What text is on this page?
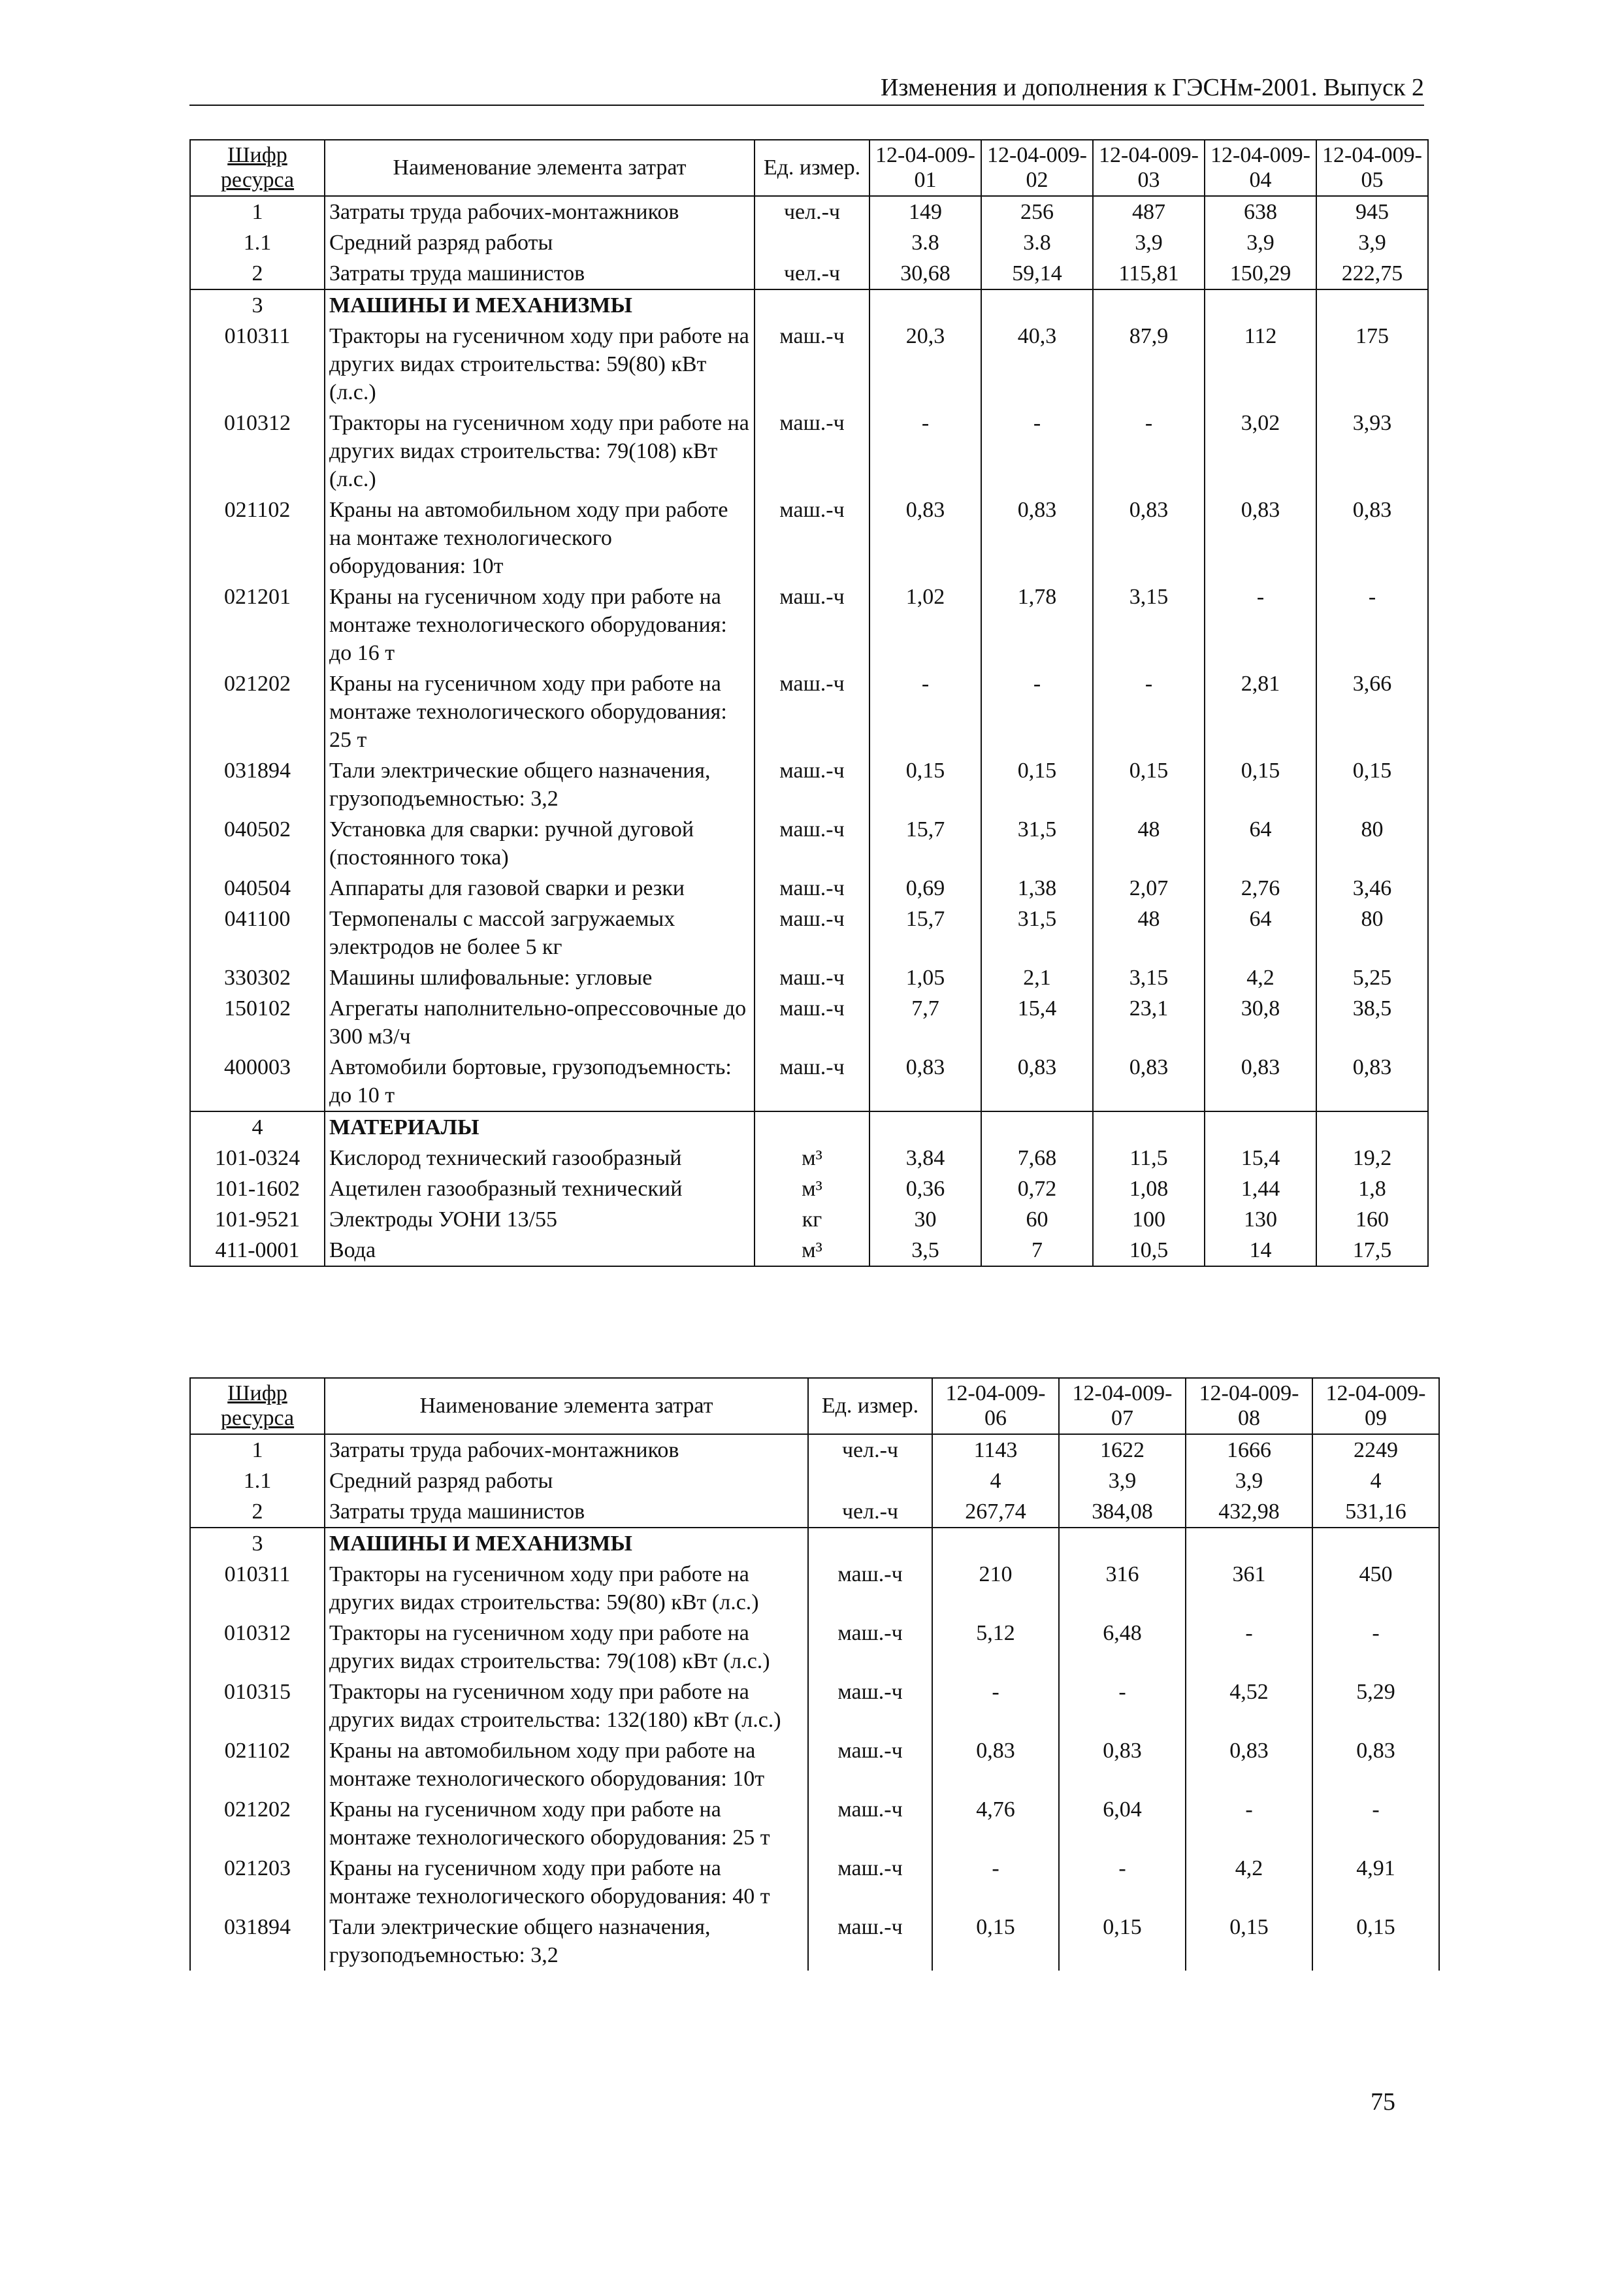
Изменения и дополнения к ГЭСНм-2001. Выпуск 2
Шифр ресурса	Наименование элемента затрат	Ед. измер.	12-04-009-01	12-04-009-02	12-04-009-03	12-04-009-04	12-04-009-05
1	Затраты труда рабочих-монтажников	чел.-ч	149	256	487	638	945
1.1	Средний разряд работы		3.8	3.8	3,9	3,9	3,9
2	Затраты труда машинистов	чел.-ч	30,68	59,14	115,81	150,29	222,75
3	МАШИНЫ И МЕХАНИЗМЫ						
010311	Тракторы на гусеничном ходу при работе на других видах строительства: 59(80) кВт (л.с.)	маш.-ч	20,3	40,3	87,9	112	175
010312	Тракторы на гусеничном ходу при работе на других видах строительства: 79(108) кВт (л.с.)	маш.-ч	-	-	-	3,02	3,93
021102	Краны на автомобильном ходу при работе на монтаже технологического оборудования: 10т	маш.-ч	0,83	0,83	0,83	0,83	0,83
021201	Краны на гусеничном ходу при работе на монтаже технологического оборудования: до 16 т	маш.-ч	1,02	1,78	3,15	-	-
021202	Краны на гусеничном ходу при работе на монтаже технологического оборудования: 25 т	маш.-ч	-	-	-	2,81	3,66
031894	Тали электрические общего назначения, грузоподъемностью: 3,2	маш.-ч	0,15	0,15	0,15	0,15	0,15
040502	Установка для сварки: ручной дуговой (постоянного тока)	маш.-ч	15,7	31,5	48	64	80
040504	Аппараты для газовой сварки и резки	маш.-ч	0,69	1,38	2,07	2,76	3,46
041100	Термопеналы с массой загружаемых электродов не более 5 кг	маш.-ч	15,7	31,5	48	64	80
330302	Машины шлифовальные: угловые	маш.-ч	1,05	2,1	3,15	4,2	5,25
150102	Агрегаты наполнительно-опрессовочные до 300 м3/ч	маш.-ч	7,7	15,4	23,1	30,8	38,5
400003	Автомобили бортовые, грузоподъемность: до 10 т	маш.-ч	0,83	0,83	0,83	0,83	0,83
4	МАТЕРИАЛЫ						
101-0324	Кислород технический газообразный	м³	3,84	7,68	11,5	15,4	19,2
101-1602	Ацетилен газообразный технический	м³	0,36	0,72	1,08	1,44	1,8
101-9521	Электроды УОНИ 13/55	кг	30	60	100	130	160
411-0001	Вода	м³	3,5	7	10,5	14	17,5
Шифр ресурса	Наименование элемента затрат	Ед. измер.	12-04-009-06	12-04-009-07	12-04-009-08	12-04-009-09
1	Затраты труда рабочих-монтажников	чел.-ч	1143	1622	1666	2249
1.1	Средний разряд работы		4	3,9	3,9	4
2	Затраты труда машинистов	чел.-ч	267,74	384,08	432,98	531,16
3	МАШИНЫ И МЕХАНИЗМЫ					
010311	Тракторы на гусеничном ходу при работе на других видах строительства: 59(80) кВт (л.с.)	маш.-ч	210	316	361	450
010312	Тракторы на гусеничном ходу при работе на других видах строительства: 79(108) кВт (л.с.)	маш.-ч	5,12	6,48	-	-
010315	Тракторы на гусеничном ходу при работе на других видах строительства: 132(180) кВт (л.с.)	маш.-ч	-	-	4,52	5,29
021102	Краны на автомобильном ходу при работе на монтаже технологического оборудования: 10т	маш.-ч	0,83	0,83	0,83	0,83
021202	Краны на гусеничном ходу при работе на монтаже технологического оборудования: 25 т	маш.-ч	4,76	6,04	-	-
021203	Краны на гусеничном ходу при работе на монтаже технологического оборудования: 40 т	маш.-ч	-	-	4,2	4,91
031894	Тали электрические общего назначения, грузоподъемностью: 3,2	маш.-ч	0,15	0,15	0,15	0,15
75
